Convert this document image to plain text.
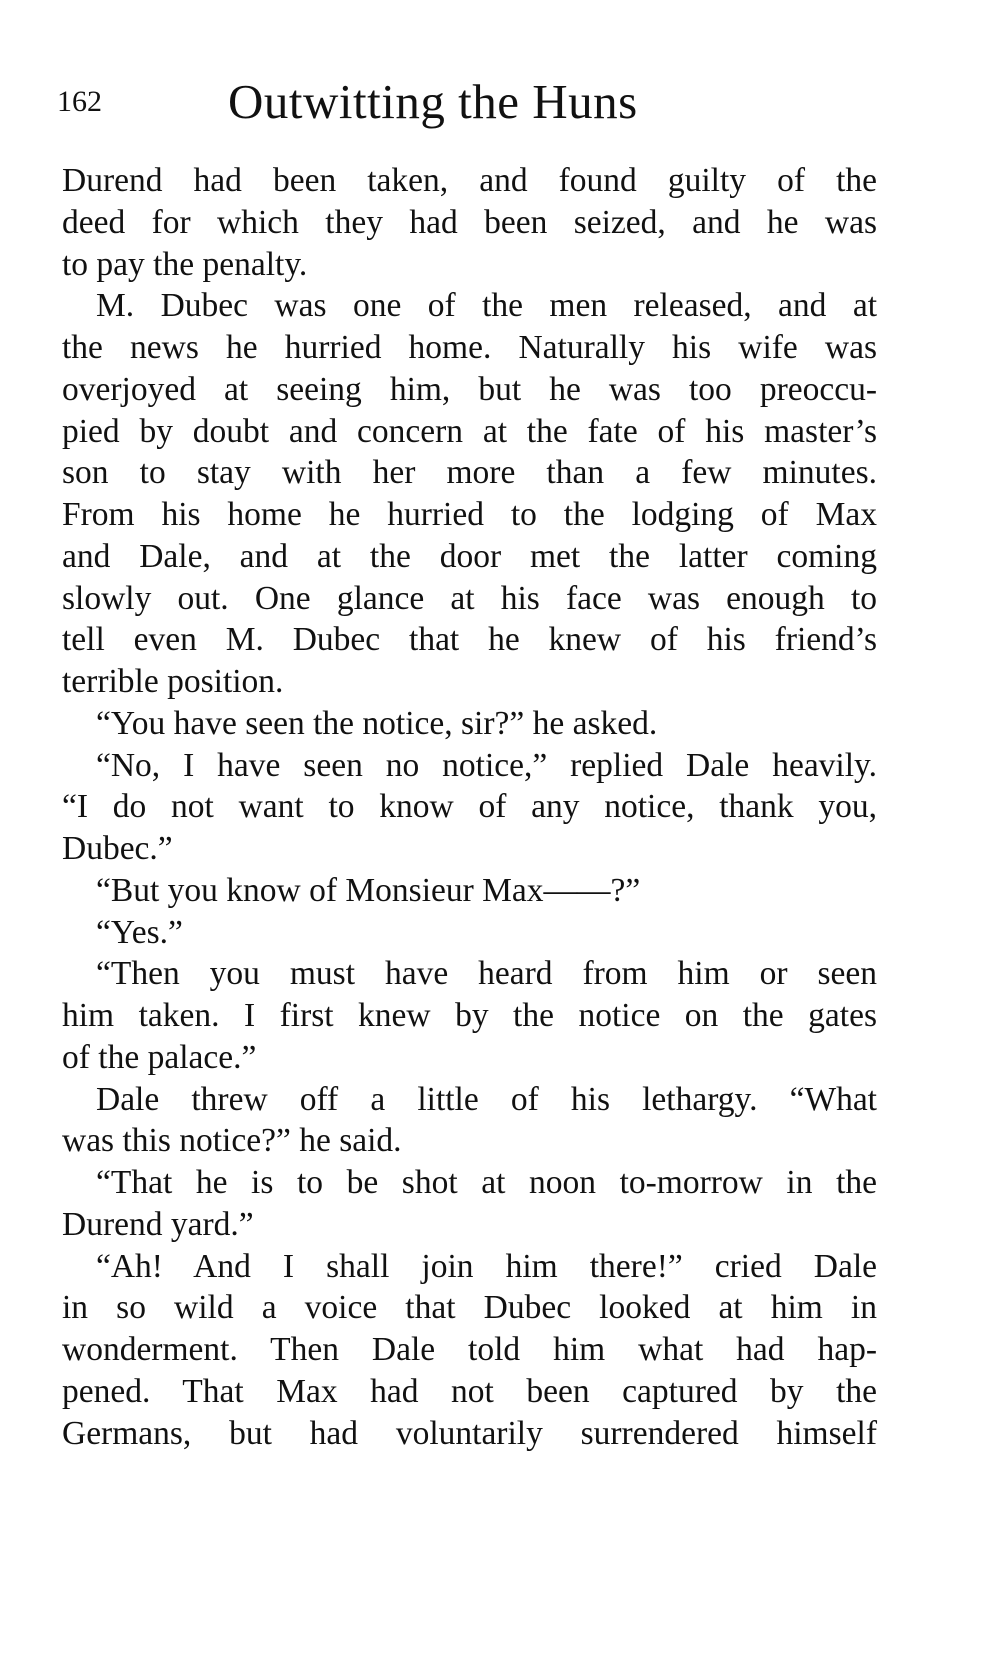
162	Outwitting the Huns
Durend had been taken, and found guilty of the
deed for which they had been seized, and he was
to pay the penalty.
M. Dubec was one of the men released, and at
the news he hurried home. Naturally his wife was
overjoyed at seeing him, but he was too preoccu-
pied by doubt and concern at the fate of his master’s
son to stay with her more than a few minutes.
From his home he hurried to the lodging of Max
and Dale, and at the door met the latter coming
slowly out. One glance at his face was enough to
tell even M. Dubec that he knew of his friend’s
terrible position.
“You have seen the notice, sir?” he asked.
“No, I have seen no notice,” replied Dale heavily.
“I do not want to know of any notice, thank you,
Dubec.”
“But you know of Monsieur Max——?”
“Yes.”
“Then you must have heard from him or seen
him taken. I first knew by the notice on the gates
of the palace.”
Dale threw off a little of his lethargy. “What
was this notice?” he said.
“That he is to be shot at noon to-morrow in the
Durend yard.”
“Ah! And I shall join him there!” cried Dale
in so wild a voice that Dubec looked at him in
wonderment. Then Dale told him what had hap-
pened. That Max had not been captured by the
Germans, but had voluntarily surrendered himself
